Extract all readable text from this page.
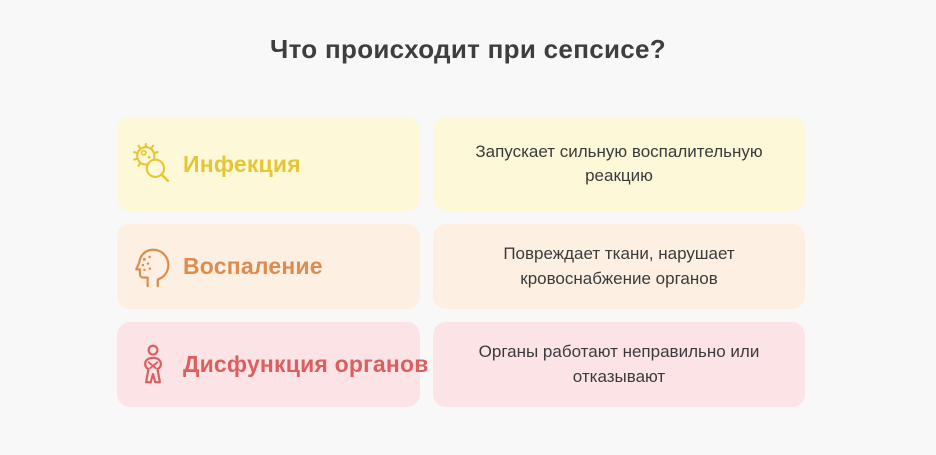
Что происходит при сепсисе?
Инфекция	Запускает сильную воспалительную реакцию
Воспаление	Повреждает ткани, нарушает кровоснабжение органов
Дисфункция органов	Органы работают неправильно или отказывают
